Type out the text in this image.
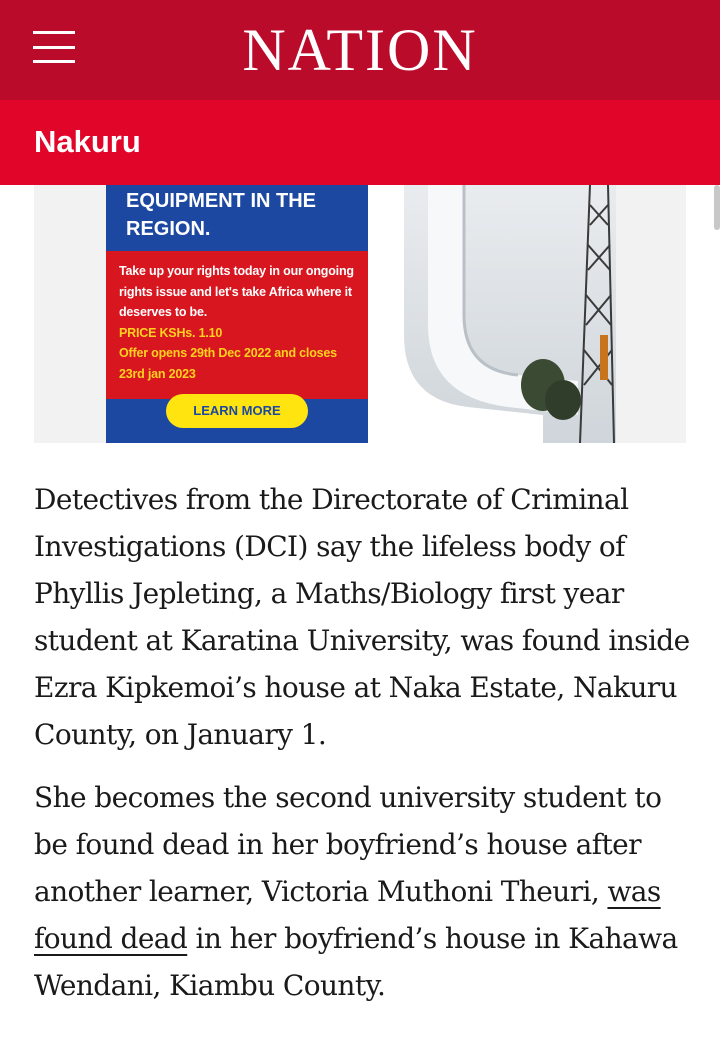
NATION
Nakuru
EQUIPMENT IN THE
REGION.
Take up your rights today in our ongoing rights issue and let's take Africa where it deserves to be.
PRICE KSHs. 1.10
Offer opens 29th Dec 2022 and closes 23rd jan 2023
LEARN MORE

Detectives from the Directorate of Criminal Investigations (DCI) say the lifeless body of Phyllis Jepleting, a Maths/Biology first year student at Karatina University, was found inside Ezra Kipkemoi’s house at Naka Estate, Nakuru County, on January 1.

She becomes the second university student to be found dead in her boyfriend’s house after another learner, Victoria Muthoni Theuri, was found dead in her boyfriend’s house in Kahawa Wendani, Kiambu County.
